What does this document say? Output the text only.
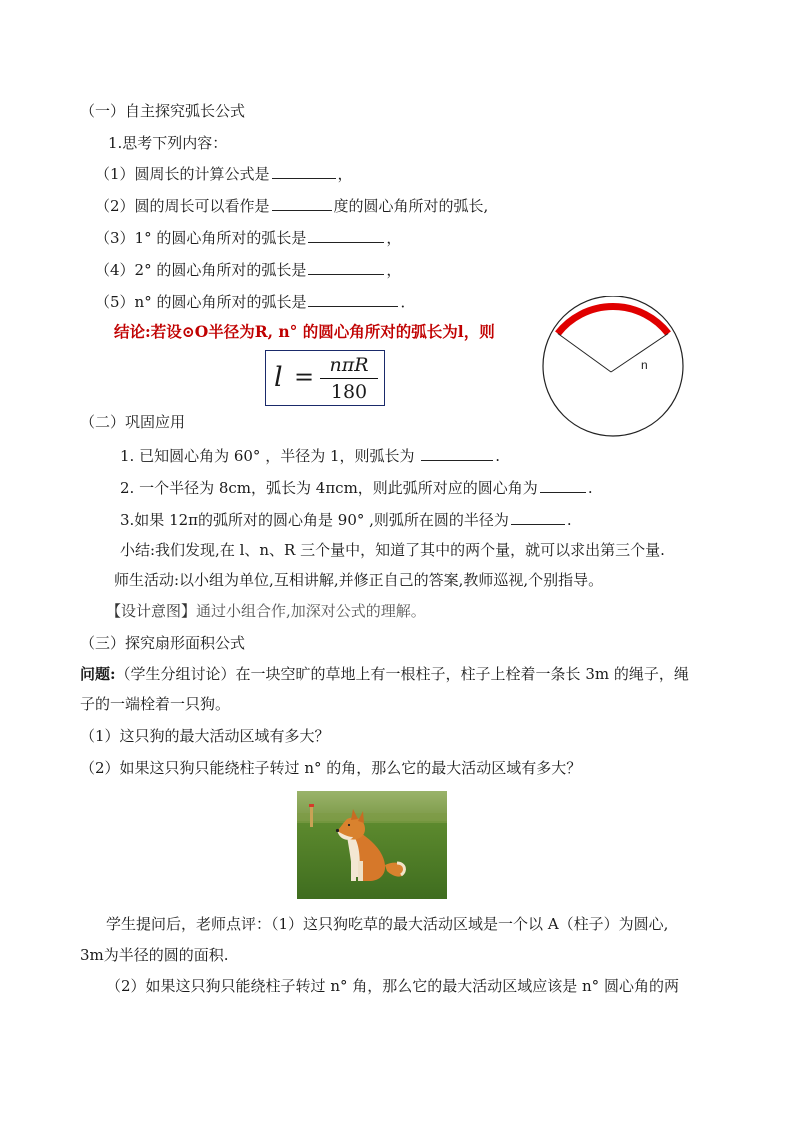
（一）自主探究弧长公式
1.思考下列内容：
（1）圆周长的计算公式是	，
（2）圆的周长可以看作是	度的圆心角所对的弧长,
（3）1° 的圆心角所对的弧长是	，
（4）2° 的圆心角所对的弧长是	，
（5）n° 的圆心角所对的弧长是	．
结论:若设⊙O半径为R, n° 的圆心角所对的弧长为l，则
l = nπR
180
n
（二）巩固应用
1. 已知圆心角为 60° ，半径为 1，则弧长为	.
2. 一个半径为 8cm，弧长为 4πcm，则此弧所对应的圆心角为	.
3.如果 12π的弧所对的圆心角是 90° ,则弧所在圆的半径为	.
小结:我们发现,在 l、n、R 三个量中，知道了其中的两个量，就可以求出第三个量.
师生活动:以小组为单位,互相讲解,并修正自己的答案,教师巡视,个别指导。
【设计意图】通过小组合作,加深对公式的理解。
（三）探究扇形面积公式
问题:（学生分组讨论）在一块空旷的草地上有一根柱子，柱子上栓着一条长 3m 的绳子，绳
子的一端栓着一只狗。
（1）这只狗的最大活动区域有多大？
（2）如果这只狗只能绕柱子转过 n° 的角，那么它的最大活动区域有多大？
学生提问后，老师点评：（1）这只狗吃草的最大活动区域是一个以 A（柱子）为圆心,
3m为半径的圆的面积.
（2）如果这只狗只能绕柱子转过 n° 角，那么它的最大活动区域应该是 n° 圆心角的两
